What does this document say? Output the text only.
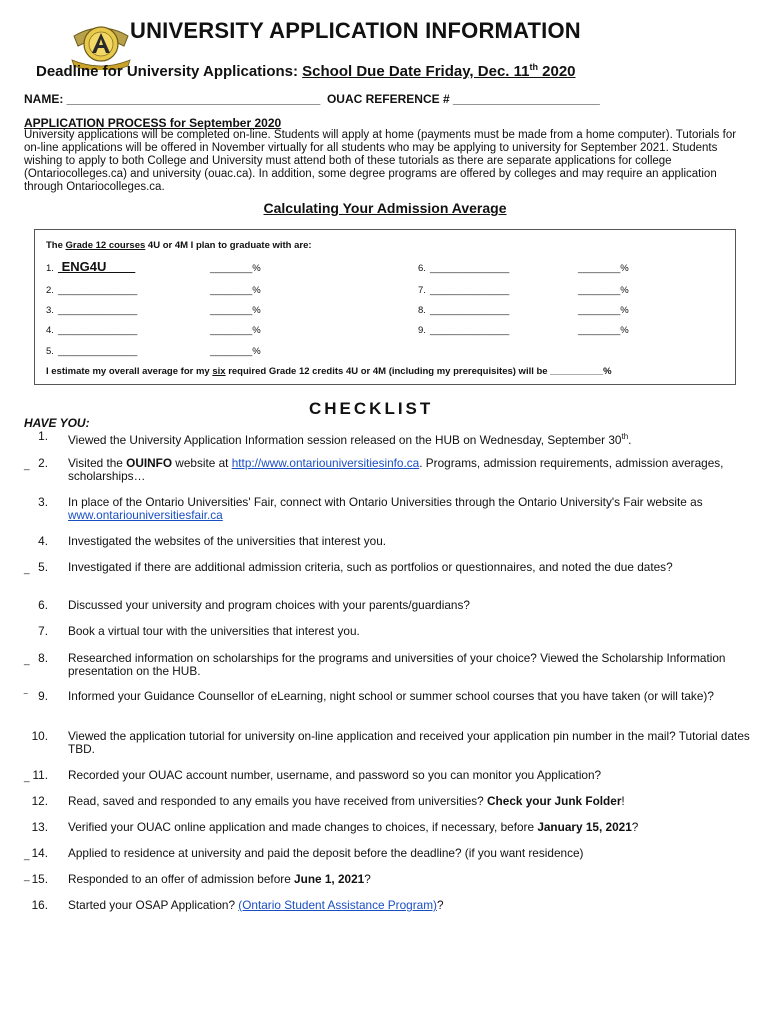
UNIVERSITY APPLICATION INFORMATION
Deadline for University Applications: School Due Date Friday, Dec. 11th 2020
NAME: ______________________________________ OUAC REFERENCE # ______________________
APPLICATION PROCESS for September 2020
University applications will be completed on-line. Students will apply at home (payments must be made from a home computer). Tutorials for on-line applications will be offered in November virtually for all students who may be applying to university for September 2021. Students wishing to apply to both College and University must attend both of these tutorials as there are separate applications for college (Ontariocolleges.ca) and university (ouac.ca). In addition, some degree programs are offered by colleges and may require an application through Ontariocolleges.ca.
Calculating Your Admission Average
The Grade 12 courses 4U or 4M I plan to graduate with are:
1. ENG4U	________%
2. _______________	________%
3. _______________	________%
4. _______________	________%
5. _______________	________%
6. _______________	________%
7. _______________	________%
8. _______________	________%
9. _______________	________%
I estimate my overall average for my six required Grade 12 credits 4U or 4M (including my prerequisites) will be __________%
CHECKLIST
HAVE YOU:
1. Viewed the University Application Information session released on the HUB on Wednesday, September 30th.
_ 2. Visited the OUINFO website at http://www.ontariouniversitiesinfo.ca. Programs, admission requirements, admission averages, scholarships…
3. In place of the Ontario Universities' Fair, connect with Ontario Universities through the Ontario University's Fair website as www.ontariouniversitiesfair.ca
4. Investigated the websites of the universities that interest you.
_ 5. Investigated if there are additional admission criteria, such as portfolios or questionnaires, and noted the due dates?
6. Discussed your university and program choices with your parents/guardians?
7. Book a virtual tour with the universities that interest you.
_ 8. Researched information on scholarships for the programs and universities of your choice? Viewed the Scholarship Information presentation on the HUB.
‾ 9. Informed your Guidance Counsellor of eLearning, night school or summer school courses that you have taken (or will take)?
10. Viewed the application tutorial for university on-line application and received your application pin number in the mail? Tutorial dates TBD.
_ 11. Recorded your OUAC account number, username, and password so you can monitor you Application?
12. Read, saved and responded to any emails you have received from universities? Check your Junk Folder!
13. Verified your OUAC online application and made changes to choices, if necessary, before January 15, 2021?
_ 14. Applied to residence at university and paid the deposit before the deadline? (if you want residence)
_ 15. Responded to an offer of admission before June 1, 2021?
16. Started your OSAP Application? (Ontario Student Assistance Program)?
